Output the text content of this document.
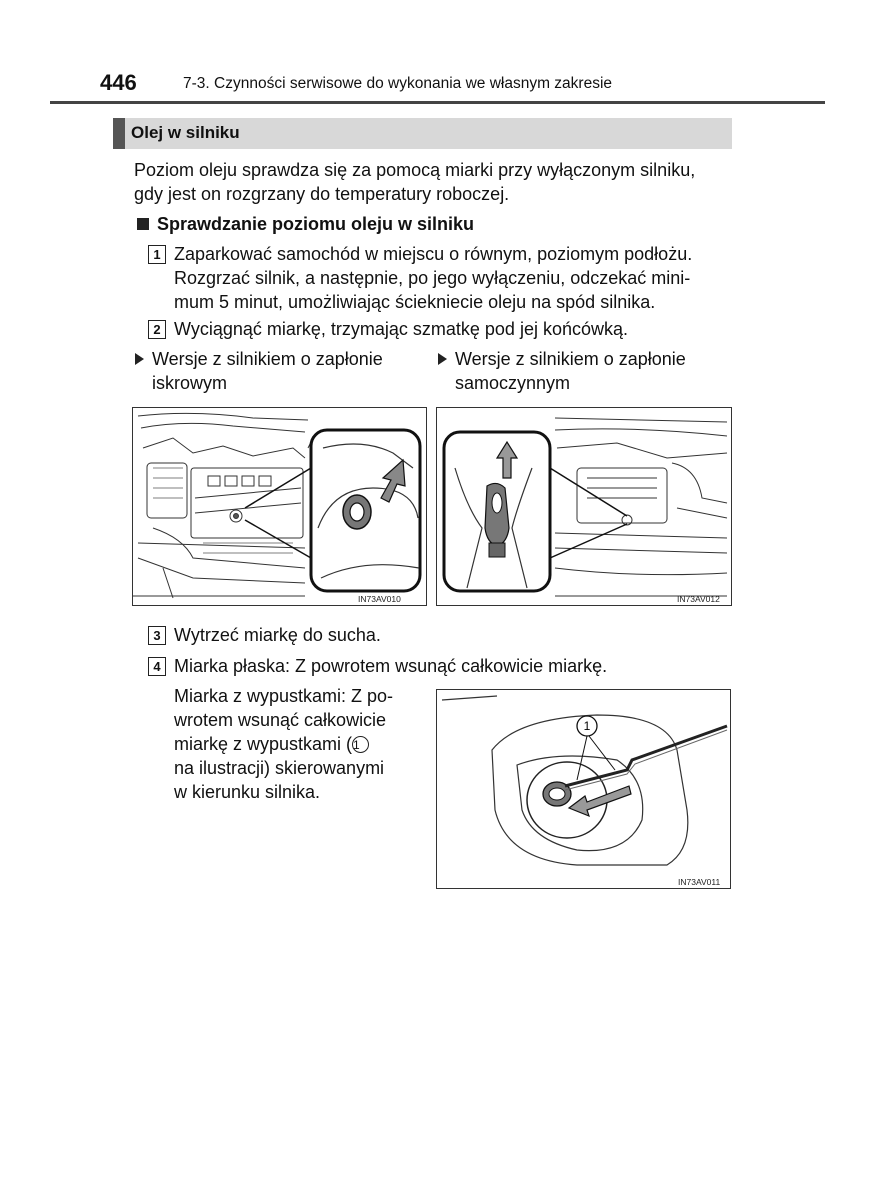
446	7-3. Czynności serwisowe do wykonania we własnym zakresie
Olej w silniku
Poziom oleju sprawdza się za pomocą miarki przy wyłączonym silniku,
gdy jest on rozgrzany do temperatury roboczej.
Sprawdzanie poziomu oleju w silniku
1 Zaparkować samochód w miejscu o równym, poziomym podłożu.
Rozgrzać silnik, a następnie, po jego wyłączeniu, odczekać mini-
mum 5 minut, umożliwiając ściekniecie oleju na spód silnika.
2 Wyciągnąć miarkę, trzymając szmatkę pod jej końcówką.
Wersje z silnikiem o zapłonie
iskrowym
Wersje z silnikiem o zapłonie
samoczynnym
IN73AV010	IN73AV012
3 Wytrzeć miarkę do sucha.
4 Miarka płaska: Z powrotem wsunąć całkowicie miarkę.
Miarka z wypustkami: Z po-
wrotem wsunąć całkowicie
miarkę z wypustkami (1
na ilustracji) skierowanymi
w kierunku silnika.
1
IN73AV011
